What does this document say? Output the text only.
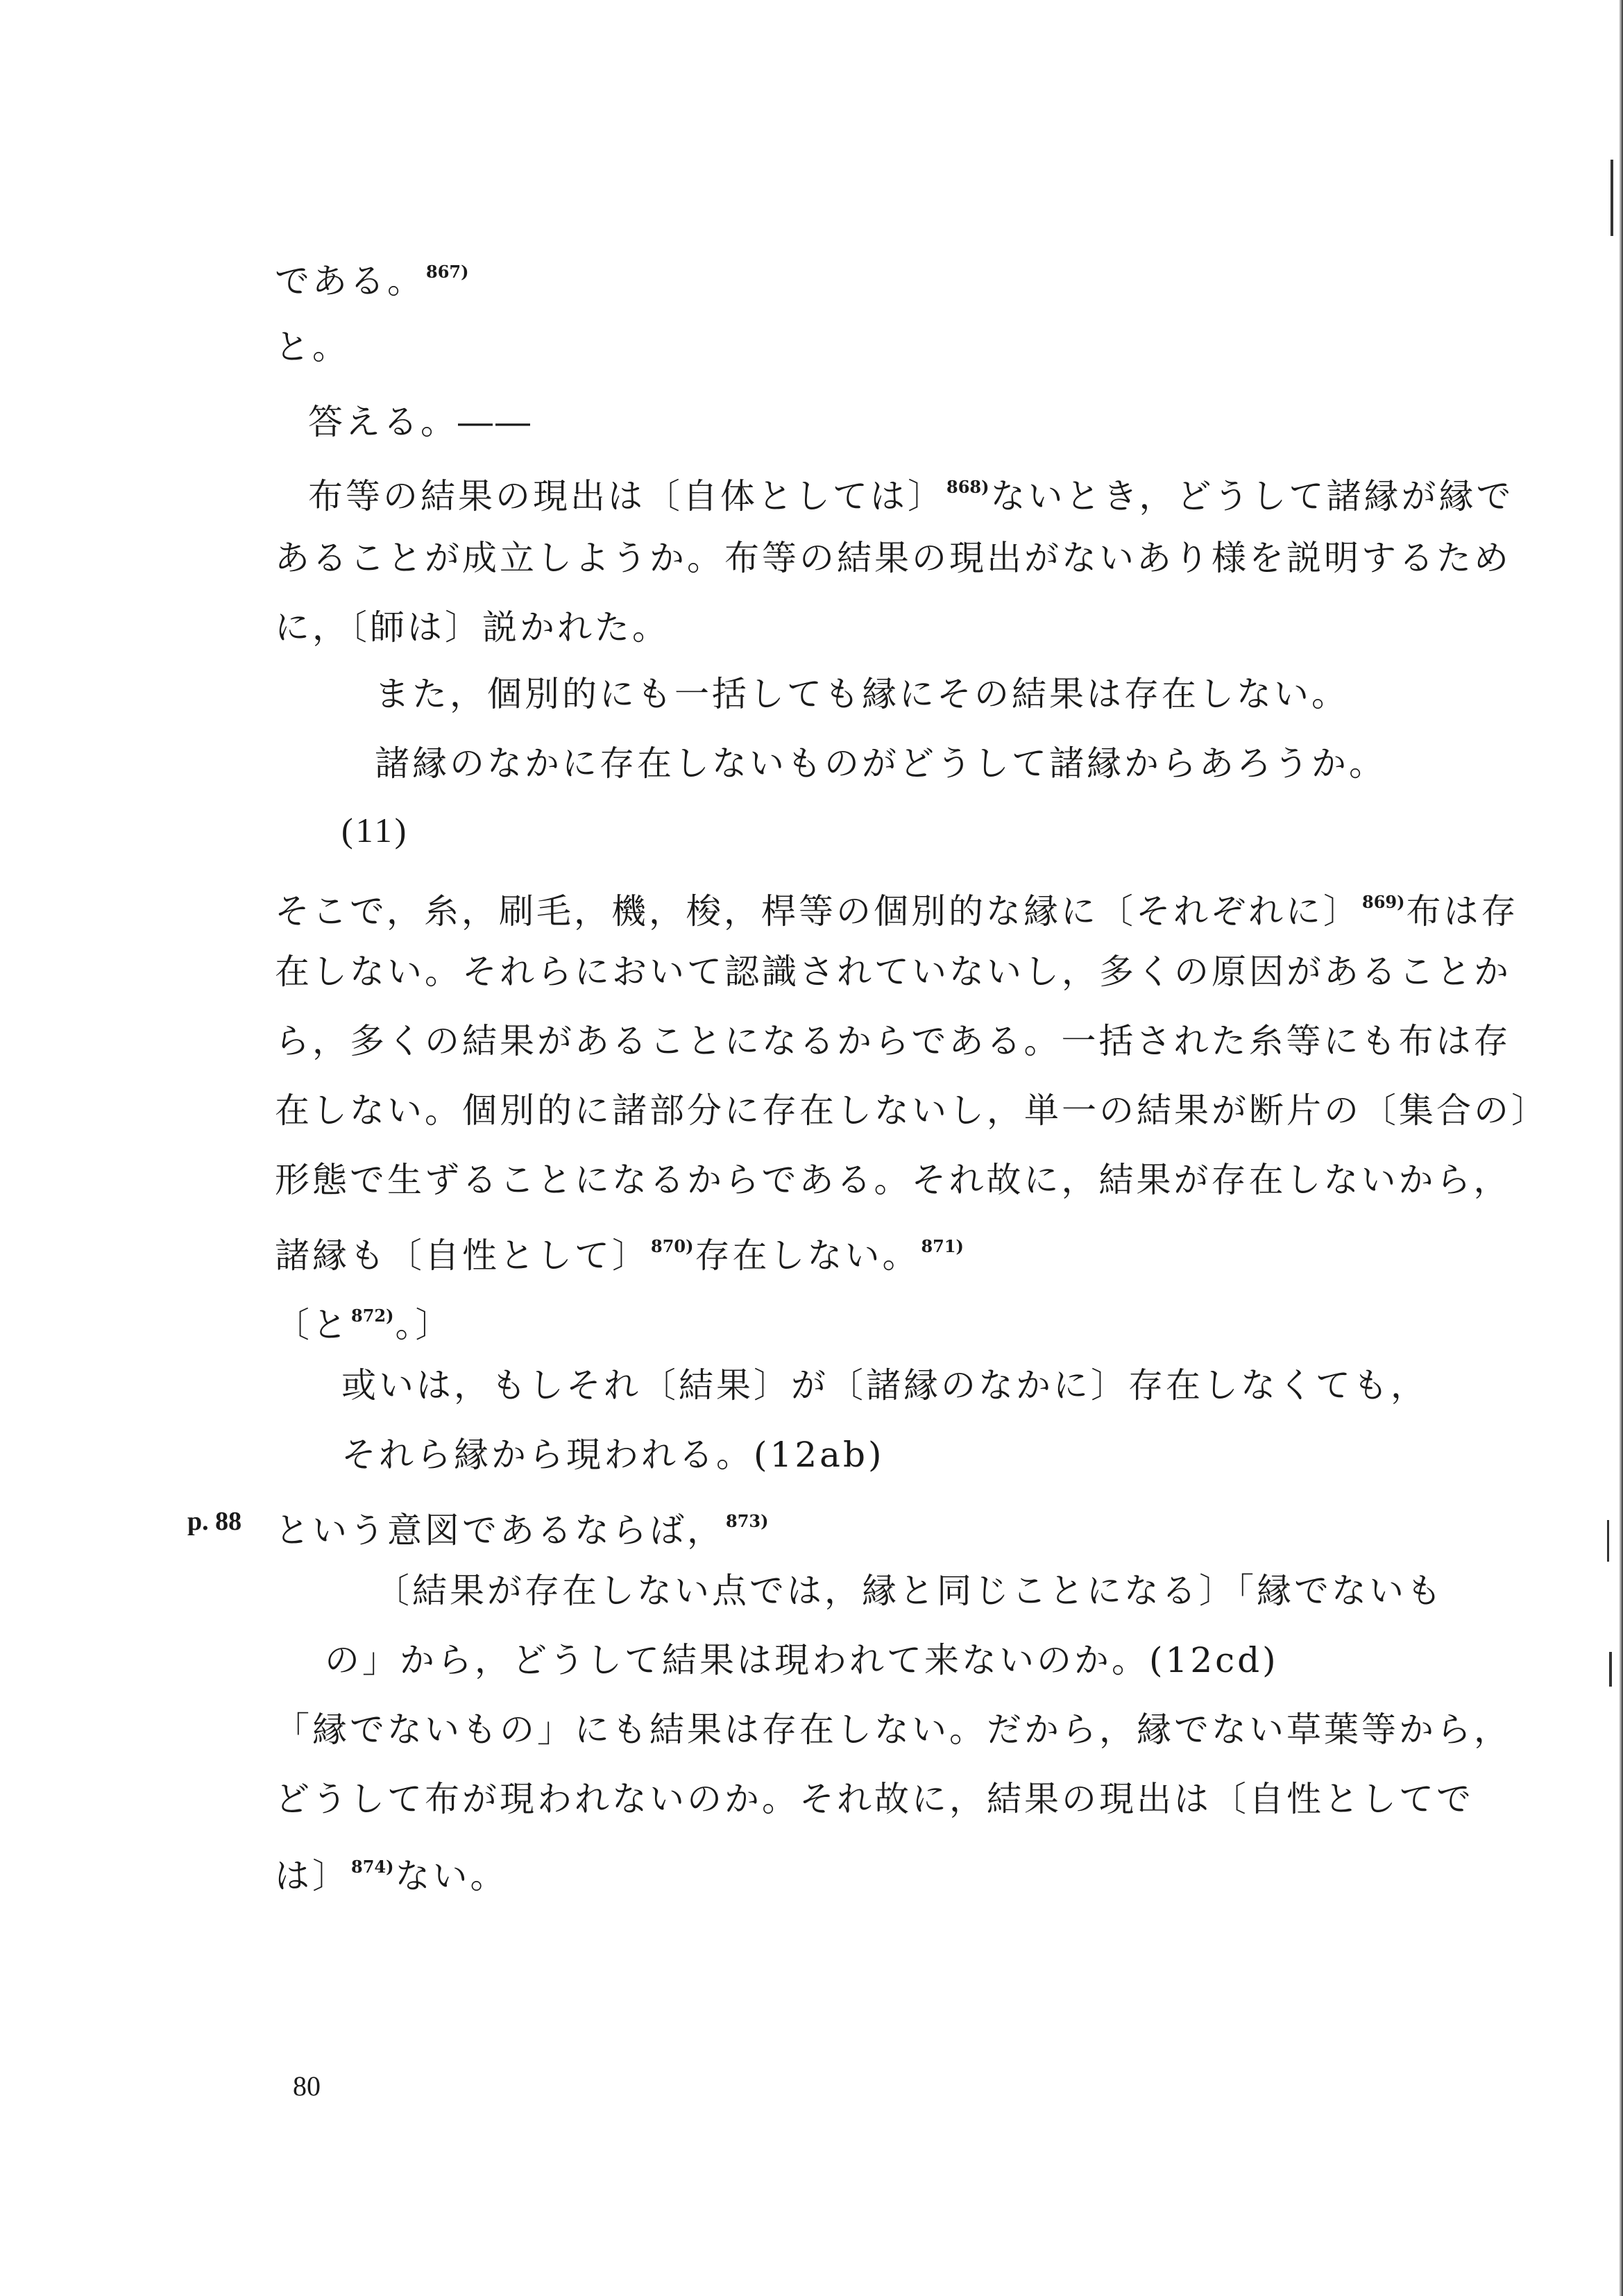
である。$^{867)}$
と。
答える。――
布等の結果の現出は〔自体としては〕$^{868)}$ないとき，どうして諸縁が縁で
あることが成立しようか。布等の結果の現出がないあり様を説明するため
に，〔師は〕説かれた。
また，個別的にも一括しても縁にその結果は存在しない。
諸縁のなかに存在しないものがどうして諸縁からあろうか。
(11)
そこで，糸，刷毛，機，梭，桿等の個別的な縁に〔それぞれに〕$^{869)}$布は存
在しない。それらにおいて認識されていないし，多くの原因があることか
ら，多くの結果があることになるからである。一括された糸等にも布は存
在しない。個別的に諸部分に存在しないし，単一の結果が断片の〔集合の〕
形態で生ずることになるからである。それ故に，結果が存在しないから，
諸縁も〔自性として〕$^{870)}$存在しない。$^{871)}$
〔と$^{872)}$。〕
或いは，もしそれ〔結果〕が〔諸縁のなかに〕存在しなくても，
それら縁から現われる。(12ab)
p. 88 という意図であるならば，$^{873)}$
〔結果が存在しない点では，縁と同じことになる〕「縁でないも
の」から，どうして結果は現われて来ないのか。(12cd)
「縁でないもの」にも結果は存在しない。だから，縁でない草葉等から，
どうして布が現われないのか。それ故に，結果の現出は〔自性としてで
は〕$^{874)}$ない。
80
